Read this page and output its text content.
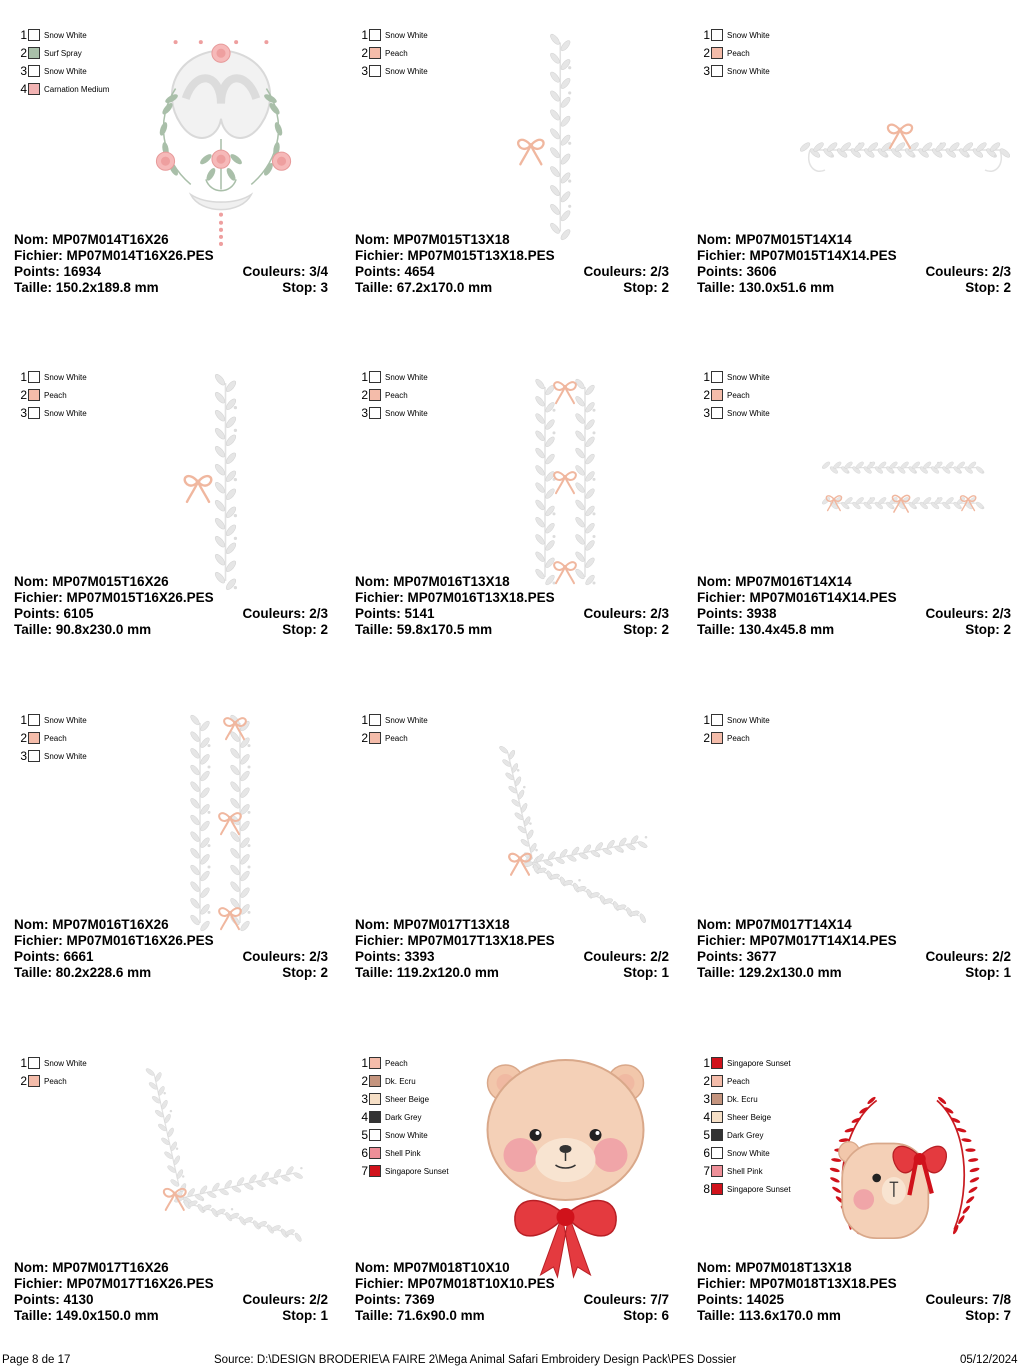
1 Snow White
2 Surf Spray
3 Snow White
4 Carnation Medium
Nom: MP07M014T16X26
Fichier: MP07M014T16X26.PES
Points: 16934	Couleurs: 3/4
Taille: 150.2x189.8 mm	Stop: 3
1 Snow White
2 Peach
3 Snow White
Nom: MP07M015T13X18
Fichier: MP07M015T13X18.PES
Points: 4654	Couleurs: 2/3
Taille: 67.2x170.0 mm	Stop: 2
1 Snow White
2 Peach
3 Snow White
Nom: MP07M015T14X14
Fichier: MP07M015T14X14.PES
Points: 3606	Couleurs: 2/3
Taille: 130.0x51.6 mm	Stop: 2
1 Snow White
2 Peach
3 Snow White
Nom: MP07M015T16X26
Fichier: MP07M015T16X26.PES
Points: 6105	Couleurs: 2/3
Taille: 90.8x230.0 mm	Stop: 2
1 Snow White
2 Peach
3 Snow White
Nom: MP07M016T13X18
Fichier: MP07M016T13X18.PES
Points: 5141	Couleurs: 2/3
Taille: 59.8x170.5 mm	Stop: 2
1 Snow White
2 Peach
3 Snow White
Nom: MP07M016T14X14
Fichier: MP07M016T14X14.PES
Points: 3938	Couleurs: 2/3
Taille: 130.4x45.8 mm	Stop: 2
1 Snow White
2 Peach
3 Snow White
Nom: MP07M016T16X26
Fichier: MP07M016T16X26.PES
Points: 6661	Couleurs: 2/3
Taille: 80.2x228.6 mm	Stop: 2
1 Snow White
2 Peach
Nom: MP07M017T13X18
Fichier: MP07M017T13X18.PES
Points: 3393	Couleurs: 2/2
Taille: 119.2x120.0 mm	Stop: 1
1 Snow White
2 Peach
Nom: MP07M017T14X14
Fichier: MP07M017T14X14.PES
Points: 3677	Couleurs: 2/2
Taille: 129.2x130.0 mm	Stop: 1
1 Snow White
2 Peach
Nom: MP07M017T16X26
Fichier: MP07M017T16X26.PES
Points: 4130	Couleurs: 2/2
Taille: 149.0x150.0 mm	Stop: 1
1 Peach
2 Dk. Ecru
3 Sheer Beige
4 Dark Grey
5 Snow White
6 Shell Pink
7 Singapore Sunset
Nom: MP07M018T10X10
Fichier: MP07M018T10X10.PES
Points: 7369	Couleurs: 7/7
Taille: 71.6x90.0 mm	Stop: 6
1 Singapore Sunset
2 Peach
3 Dk. Ecru
4 Sheer Beige
5 Dark Grey
6 Snow White
7 Shell Pink
8 Singapore Sunset
Nom: MP07M018T13X18
Fichier: MP07M018T13X18.PES
Points: 14025	Couleurs: 7/8
Taille: 113.6x170.0 mm	Stop: 7
Page 8 de 17	Source: D:\DESIGN BRODERIE\A FAIRE 2\Mega Animal Safari Embroidery Design Pack\PES Dossier	05/12/2024
